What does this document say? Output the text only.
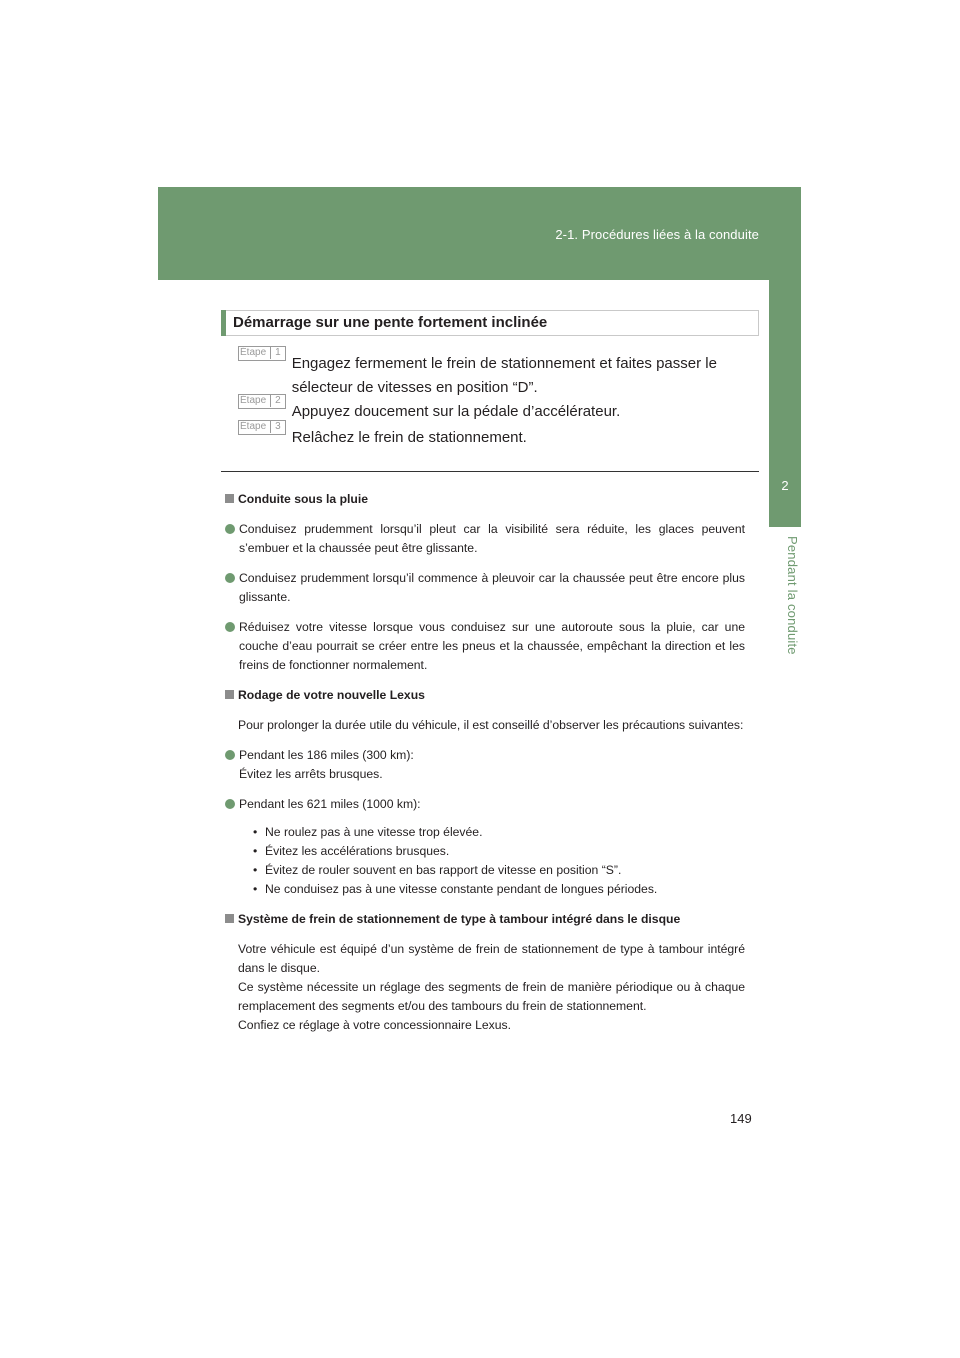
2-1. Procédures liées à la conduite
2
Pendant la conduite
Démarrage sur une pente fortement inclinée
Étape 1Engagez fermement le frein de stationnement et faites passer le sélecteur de vitesses en position “D”.
Étape 2Appuyez doucement sur la pédale d’accélérateur.
Étape 3Relâchez le frein de stationnement.
Conduite sous la pluie
Conduisez prudemment lorsqu’il pleut car la visibilité sera réduite, les glaces peuvent s’embuer et la chaussée peut être glissante.
Conduisez prudemment lorsqu’il commence à pleuvoir car la chaussée peut être encore plus glissante.
Réduisez votre vitesse lorsque vous conduisez sur une autoroute sous la pluie, car une couche d’eau pourrait se créer entre les pneus et la chaussée, empêchant la direction et les freins de fonctionner normalement.
Rodage de votre nouvelle Lexus
Pour prolonger la durée utile du véhicule, il est conseillé d’observer les précautions suivantes:
Pendant les 186 miles (300 km):
Évitez les arrêts brusques.
Pendant les 621 miles (1000 km):
• Ne roulez pas à une vitesse trop élevée.
• Évitez les accélérations brusques.
• Évitez de rouler souvent en bas rapport de vitesse en position “S”.
• Ne conduisez pas à une vitesse constante pendant de longues périodes.
Système de frein de stationnement de type à tambour intégré dans le disque
Votre véhicule est équipé d’un système de frein de stationnement de type à tambour intégré dans le disque.
Ce système nécessite un réglage des segments de frein de manière périodique ou à chaque remplacement des segments et/ou des tambours du frein de stationnement.
Confiez ce réglage à votre concessionnaire Lexus.
149
